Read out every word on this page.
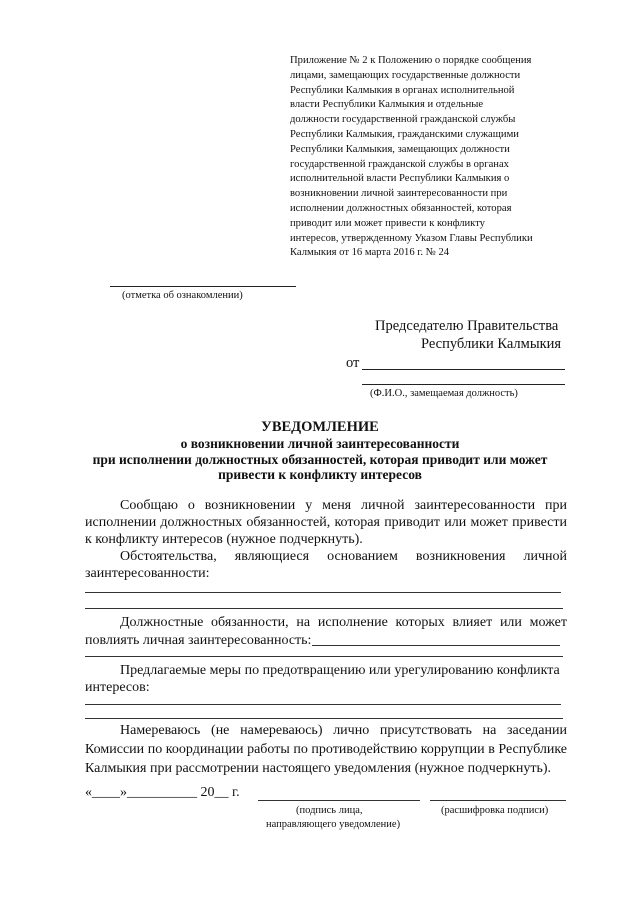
Приложение № 2 к Положению о порядке сообщения
лицами, замещающих государственные должности
Республики Калмыкия в органах исполнительной
власти Республики Калмыкия и отдельные
должности государственной гражданской службы
Республики Калмыкия, гражданскими служащими
Республики Калмыкия, замещающих должности
государственной гражданской службы в органах
исполнительной власти Республики Калмыкия о
возникновении личной заинтересованности при
исполнении должностных обязанностей, которая
приводит или может привести к конфликту
интересов, утвержденному Указом Главы Республики
Калмыкия от 16 марта 2016 г. № 24
(отметка об ознакомлении)
Председателю Правительства
Республики Калмыкия
от
(Ф.И.О., замещаемая должность)
УВЕДОМЛЕНИЕ
о возникновении личной заинтересованности
при исполнении должностных обязанностей, которая приводит или может
привести к конфликту интересов
Сообщаю о возникновении у меня личной заинтересованности при
исполнении должностных обязанностей, которая приводит или может привести
к конфликту интересов (нужное подчеркнуть).
Обстоятельства, являющиеся основанием возникновения личной
заинтересованности:
Должностные обязанности, на исполнение которых влияет или может
повлиять личная заинтересованность:
Предлагаемые меры по предотвращению или урегулированию конфликта
интересов:
Намереваюсь (не намереваюсь) лично присутствовать на заседании
Комиссии по координации работы по противодействию коррупции в Республике
Калмыкия при рассмотрении настоящего уведомления (нужное подчеркнуть).
«____»__________ 20__ г.
(подпись лица,
направляющего уведомление)
(расшифровка подписи)
